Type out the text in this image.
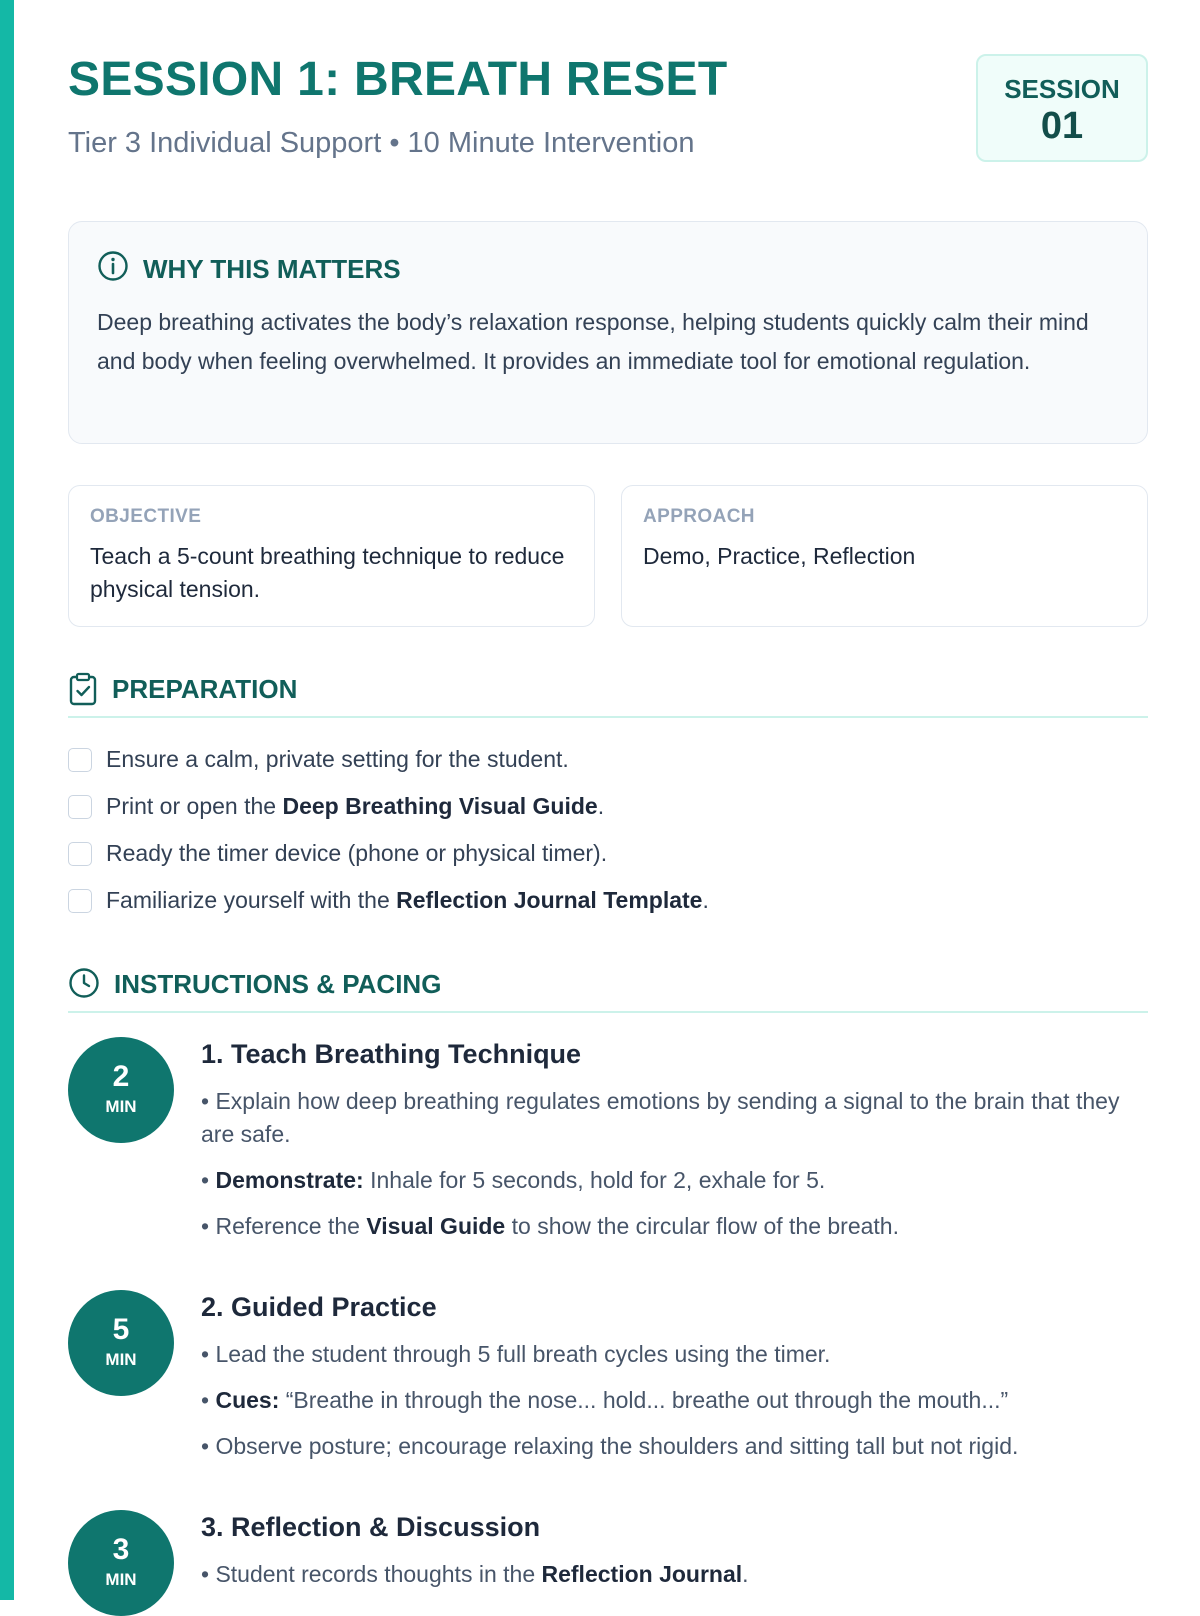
SESSION 1: BREATH RESET
Tier 3 Individual Support • 10 Minute Intervention
SESSION
01
WHY THIS MATTERS
Deep breathing activates the body’s relaxation response, helping students quickly calm their mind and body when feeling overwhelmed. It provides an immediate tool for emotional regulation.
OBJECTIVE
Teach a 5-count breathing technique to reduce physical tension.
APPROACH
Demo, Practice, Reflection
PREPARATION
Ensure a calm, private setting for the student.
Print or open the Deep Breathing Visual Guide.
Ready the timer device (phone or physical timer).
Familiarize yourself with the Reflection Journal Template.
INSTRUCTIONS & PACING
2
MIN
1. Teach Breathing Technique
• Explain how deep breathing regulates emotions by sending a signal to the brain that they are safe.
• Demonstrate: Inhale for 5 seconds, hold for 2, exhale for 5.
• Reference the Visual Guide to show the circular flow of the breath.
5
MIN
2. Guided Practice
• Lead the student through 5 full breath cycles using the timer.
• Cues: “Breathe in through the nose... hold... breathe out through the mouth...”
• Observe posture; encourage relaxing the shoulders and sitting tall but not rigid.
3
MIN
3. Reflection & Discussion
• Student records thoughts in the Reflection Journal.
